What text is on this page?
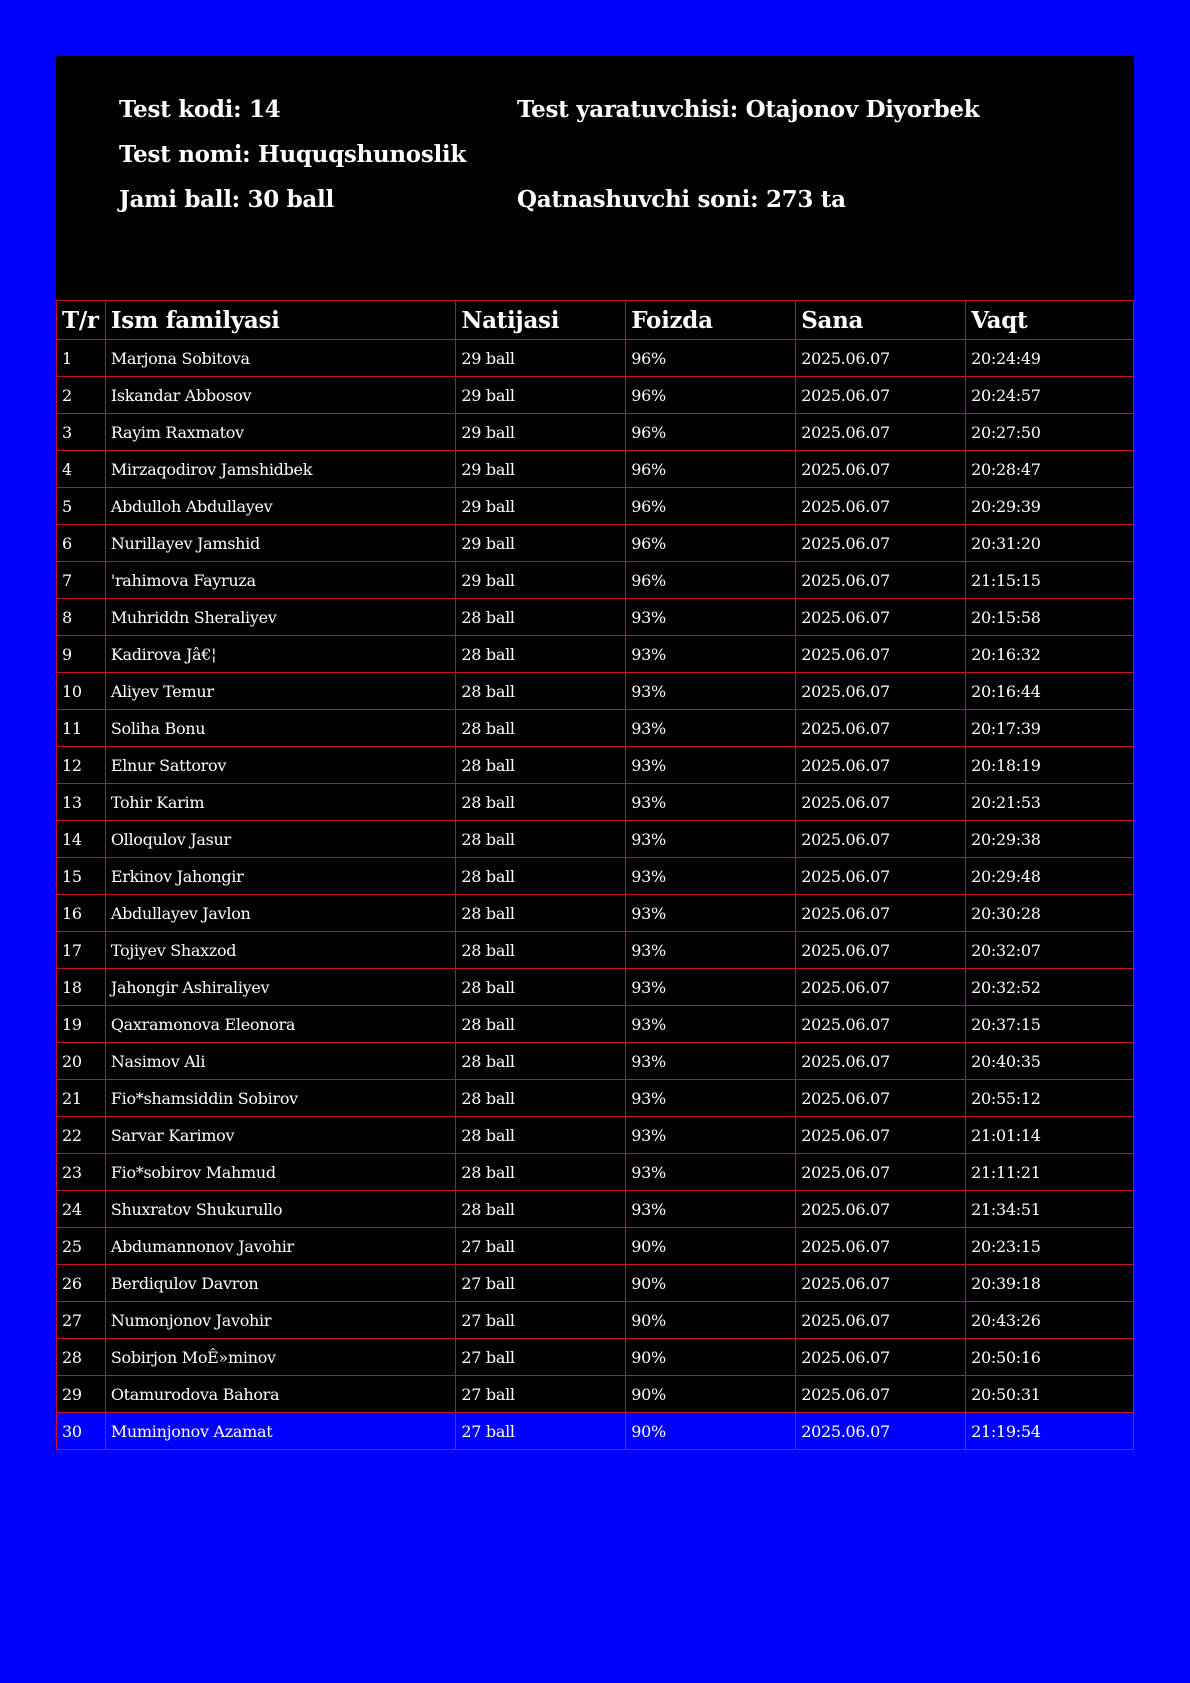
Test kodi: 14	Test yaratuvchisi: Otajonov Diyorbek
Test nomi: Huquqshunoslik
Jami ball: 30 ball	Qatnashuvchi soni: 273 ta
T/r	Ism familyasi	Natijasi	Foizda	Sana	Vaqt
1	Marjona Sobitova	29 ball	96%	2025.06.07	20:24:49
2	Iskandar Abbosov	29 ball	96%	2025.06.07	20:24:57
3	Rayim Raxmatov	29 ball	96%	2025.06.07	20:27:50
4	Mirzaqodirov Jamshidbek	29 ball	96%	2025.06.07	20:28:47
5	Abdulloh Abdullayev	29 ball	96%	2025.06.07	20:29:39
6	Nurillayev Jamshid	29 ball	96%	2025.06.07	20:31:20
7	'rahimova Fayruza	29 ball	96%	2025.06.07	21:15:15
8	Muhriddn Sheraliyev	28 ball	93%	2025.06.07	20:15:58
9	Kadirova Jâ€¦	28 ball	93%	2025.06.07	20:16:32
10	Aliyev Temur	28 ball	93%	2025.06.07	20:16:44
11	Soliha Bonu	28 ball	93%	2025.06.07	20:17:39
12	Elnur Sattorov	28 ball	93%	2025.06.07	20:18:19
13	Tohir Karim	28 ball	93%	2025.06.07	20:21:53
14	Olloqulov Jasur	28 ball	93%	2025.06.07	20:29:38
15	Erkinov Jahongir	28 ball	93%	2025.06.07	20:29:48
16	Abdullayev Javlon	28 ball	93%	2025.06.07	20:30:28
17	Tojiyev Shaxzod	28 ball	93%	2025.06.07	20:32:07
18	Jahongir Ashiraliyev	28 ball	93%	2025.06.07	20:32:52
19	Qaxramonova Eleonora	28 ball	93%	2025.06.07	20:37:15
20	Nasimov Ali	28 ball	93%	2025.06.07	20:40:35
21	Fio*shamsiddin Sobirov	28 ball	93%	2025.06.07	20:55:12
22	Sarvar Karimov	28 ball	93%	2025.06.07	21:01:14
23	Fio*sobirov Mahmud	28 ball	93%	2025.06.07	21:11:21
24	Shuxratov Shukurullo	28 ball	93%	2025.06.07	21:34:51
25	Abdumannonov Javohir	27 ball	90%	2025.06.07	20:23:15
26	Berdiqulov Davron	27 ball	90%	2025.06.07	20:39:18
27	Numonjonov Javohir	27 ball	90%	2025.06.07	20:43:26
28	Sobirjon MoÊ»minov	27 ball	90%	2025.06.07	20:50:16
29	Otamurodova Bahora	27 ball	90%	2025.06.07	20:50:31
30	Muminjonov Azamat	27 ball	90%	2025.06.07	21:19:54
